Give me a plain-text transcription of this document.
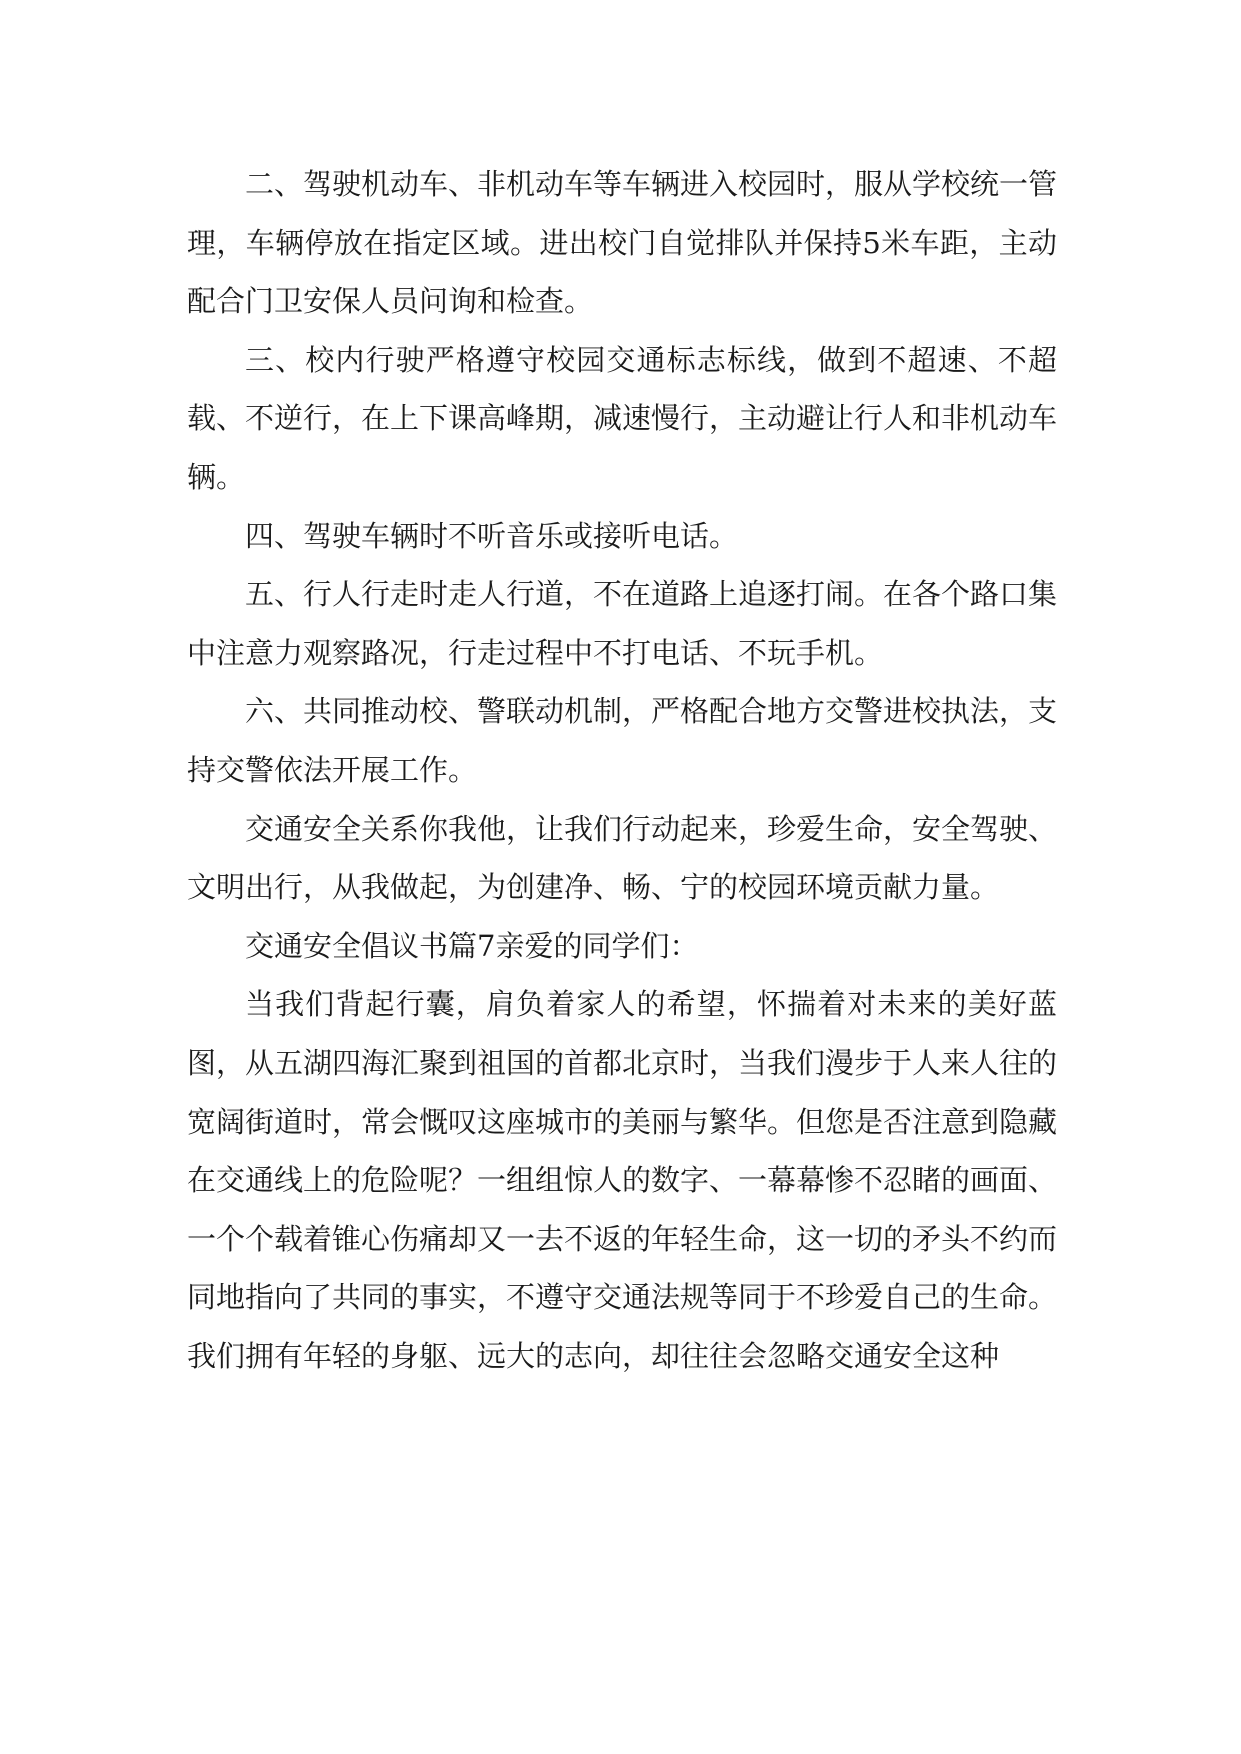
二、驾驶机动车、非机动车等车辆进入校园时，服从学校统一管理，车辆停放在指定区域。进出校门自觉排队并保持5米车距，主动配合门卫安保人员问询和检查。

三、校内行驶严格遵守校园交通标志标线，做到不超速、不超载、不逆行，在上下课高峰期，减速慢行，主动避让行人和非机动车辆。

四、驾驶车辆时不听音乐或接听电话。

五、行人行走时走人行道，不在道路上追逐打闹。在各个路口集中注意力观察路况，行走过程中不打电话、不玩手机。

六、共同推动校、警联动机制，严格配合地方交警进校执法，支持交警依法开展工作。

交通安全关系你我他，让我们行动起来，珍爱生命，安全驾驶、文明出行，从我做起，为创建净、畅、宁的校园环境贡献力量。

交通安全倡议书篇7亲爱的同学们：

当我们背起行囊，肩负着家人的希望，怀揣着对未来的美好蓝图，从五湖四海汇聚到祖国的首都北京时，当我们漫步于人来人往的宽阔街道时，常会慨叹这座城市的美丽与繁华。但您是否注意到隐藏在交通线上的危险呢？一组组惊人的数字、一幕幕惨不忍睹的画面、一个个载着锥心伤痛却又一去不返的年轻生命，这一切的矛头不约而同地指向了共同的事实，不遵守交通法规等同于不珍爱自己的生命。我们拥有年轻的身躯、远大的志向，却往往会忽略交通安全这种
